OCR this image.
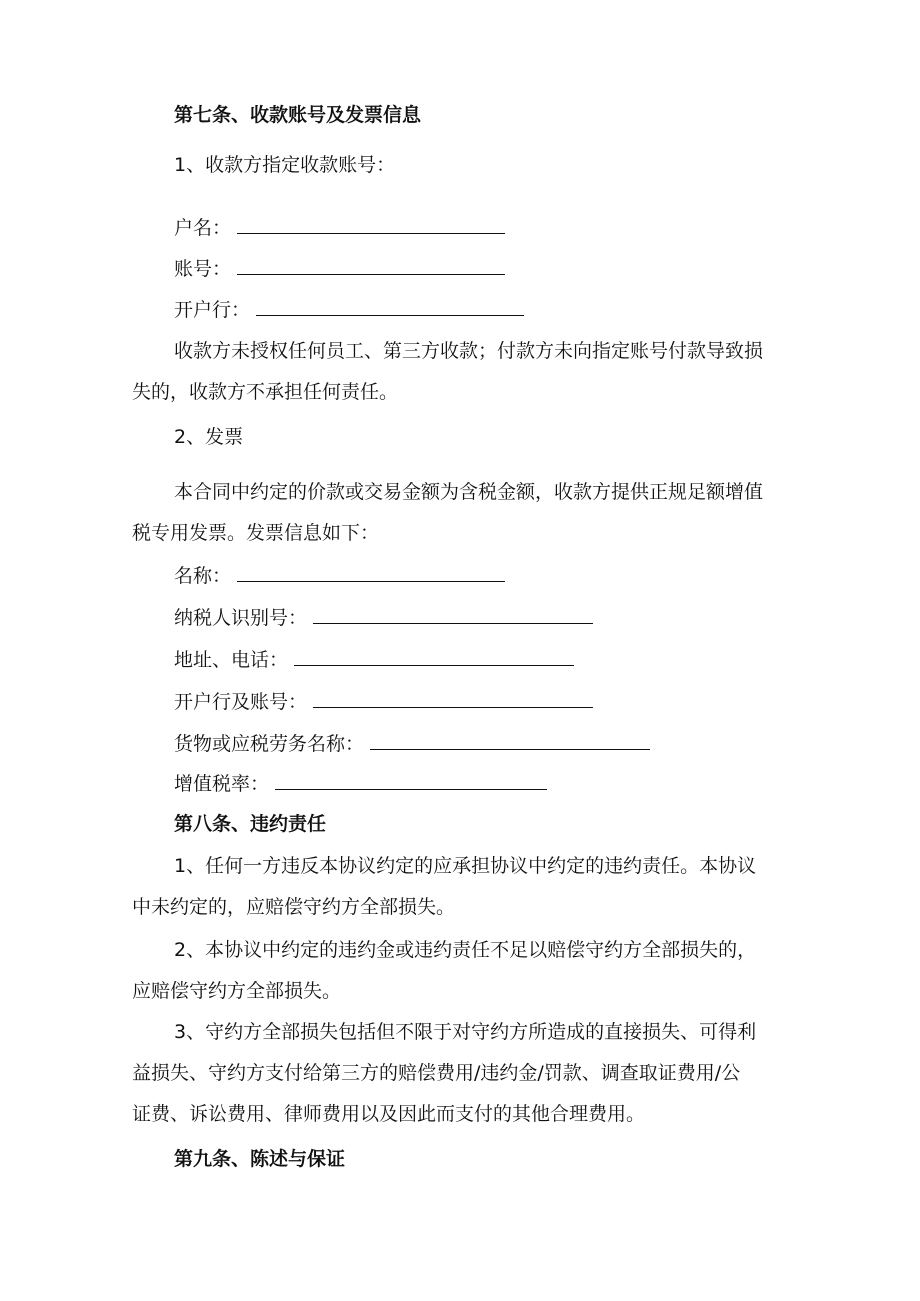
第七条、收款账号及发票信息
1、收款方指定收款账号：
户名：
账号：
开户行：
收款方未授权任何员工、第三方收款；付款方未向指定账号付款导致损
失的，收款方不承担任何责任。
2、发票
本合同中约定的价款或交易金额为含税金额，收款方提供正规足额增值
税专用发票。发票信息如下：
名称：
纳税人识别号：
地址、电话：
开户行及账号：
货物或应税劳务名称：
增值税率：
第八条、违约责任
1、任何一方违反本协议约定的应承担协议中约定的违约责任。本协议
中未约定的，应赔偿守约方全部损失。
2、本协议中约定的违约金或违约责任不足以赔偿守约方全部损失的，
应赔偿守约方全部损失。
3、守约方全部损失包括但不限于对守约方所造成的直接损失、可得利
益损失、守约方支付给第三方的赔偿费用/违约金/罚款、调查取证费用/公
证费、诉讼费用、律师费用以及因此而支付的其他合理费用。
第九条、陈述与保证
